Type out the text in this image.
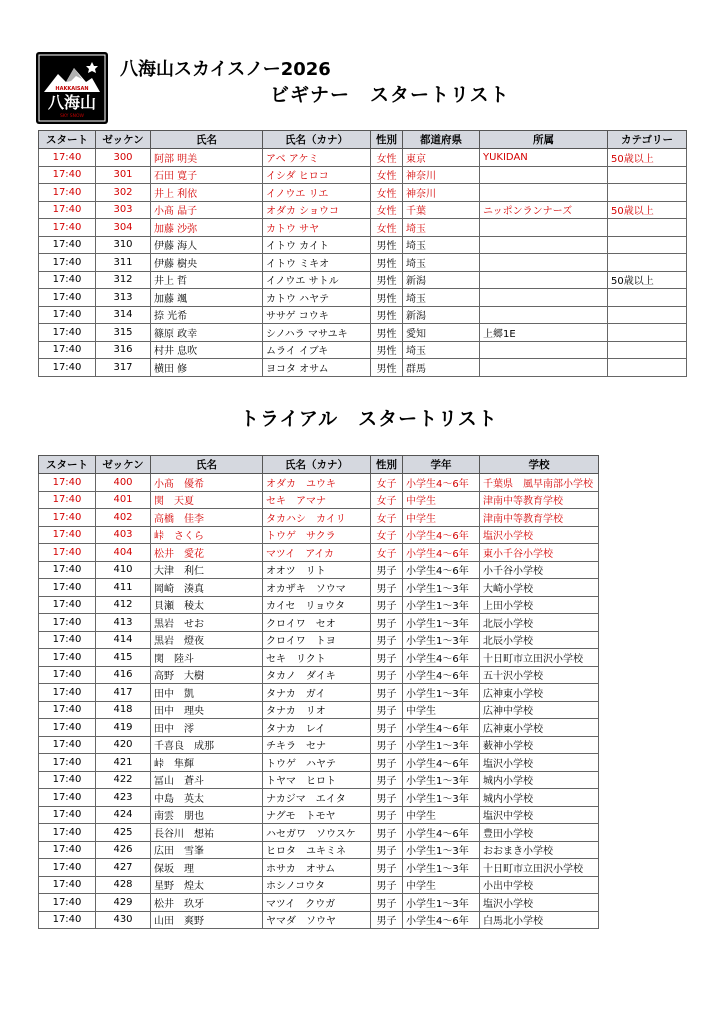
HAKKAISAN
八海山
SKY SNOW
八海山スカイスノー2026
ビギナー　スタートリスト
スタート	ゼッケン	氏名	氏名（カナ）	性別	都道府県	所属	カテゴリー
17:40	300	阿部 明美	アベ アケミ	女性	東京	YUKIDAN	50歳以上
17:40	301	石田 寛子	イシダ ヒロコ	女性	神奈川		
17:40	302	井上 利依	イノウエ リエ	女性	神奈川		
17:40	303	小髙 晶子	オダカ ショウコ	女性	千葉	ニッポンランナーズ	50歳以上
17:40	304	加藤 沙弥	カトウ サヤ	女性	埼玉		
17:40	310	伊藤 海人	イトウ カイト	男性	埼玉		
17:40	311	伊藤 樹央	イトウ ミキオ	男性	埼玉		
17:40	312	井上 哲	イノウエ サトル	男性	新潟		50歳以上
17:40	313	加藤 颯	カトウ ハヤテ	男性	埼玉		
17:40	314	捺 光希	ササゲ コウキ	男性	新潟		
17:40	315	篠原 政幸	シノハラ マサユキ	男性	愛知	上郷1E	
17:40	316	村井 息吹	ムライ イブキ	男性	埼玉		
17:40	317	横田 修	ヨコタ オサム	男性	群馬		
トライアル　スタートリスト
スタート	ゼッケン	氏名	氏名（カナ）	性別	学年	学校
17:40	400	小髙　優希	オダカ　ユウキ	女子	小学生4～6年	千葉県　風早南部小学校
17:40	401	関　天夏	セキ　アマナ	女子	中学生	津南中等教育学校
17:40	402	高橋　佳李	タカハシ　カイリ	女子	中学生	津南中等教育学校
17:40	403	峠　さくら	トウゲ　サクラ	女子	小学生4～6年	塩沢小学校
17:40	404	松井　愛花	マツイ　アイカ	女子	小学生4～6年	東小千谷小学校
17:40	410	大津　利仁	オオツ　リト	男子	小学生4～6年	小千谷小学校
17:40	411	岡崎　湊真	オカザキ　ソウマ	男子	小学生1～3年	大崎小学校
17:40	412	貝瀬　稜太	カイセ　リョウタ	男子	小学生1～3年	上田小学校
17:40	413	黒岩　せお	クロイワ　セオ	男子	小学生1～3年	北辰小学校
17:40	414	黒岩　燈夜	クロイワ　トヨ	男子	小学生1～3年	北辰小学校
17:40	415	関　陸斗	セキ　リクト	男子	小学生4～6年	十日町市立田沢小学校
17:40	416	高野　大樹	タカノ　ダイキ	男子	小学生4～6年	五十沢小学校
17:40	417	田中　凱	タナカ　ガイ	男子	小学生1～3年	広神東小学校
17:40	418	田中　理央	タナカ　リオ	男子	中学生	広神中学校
17:40	419	田中　澪	タナカ　レイ	男子	小学生4～6年	広神東小学校
17:40	420	千喜良　成那	チキラ　セナ	男子	小学生1～3年	薮神小学校
17:40	421	峠　隼輝	トウゲ　ハヤテ	男子	小学生4～6年	塩沢小学校
17:40	422	冨山　蒼斗	トヤマ　ヒロト	男子	小学生1～3年	城内小学校
17:40	423	中島　英太	ナカジマ　エイタ	男子	小学生1～3年	城内小学校
17:40	424	南雲　朋也	ナグモ　トモヤ	男子	中学生	塩沢中学校
17:40	425	長谷川　想祐	ハセガワ　ソウスケ	男子	小学生4～6年	豊田小学校
17:40	426	広田　雪峯	ヒロタ　ユキミネ	男子	小学生1～3年	おおまき小学校
17:40	427	保坂　理	ホサカ　オサム	男子	小学生1～3年	十日町市立田沢小学校
17:40	428	星野　煌太	ホシノコウタ	男子	中学生	小出中学校
17:40	429	松井　玖牙	マツイ　クウガ	男子	小学生1～3年	塩沢小学校
17:40	430	山田　爽野	ヤマダ　ソウヤ	男子	小学生4～6年	白馬北小学校
